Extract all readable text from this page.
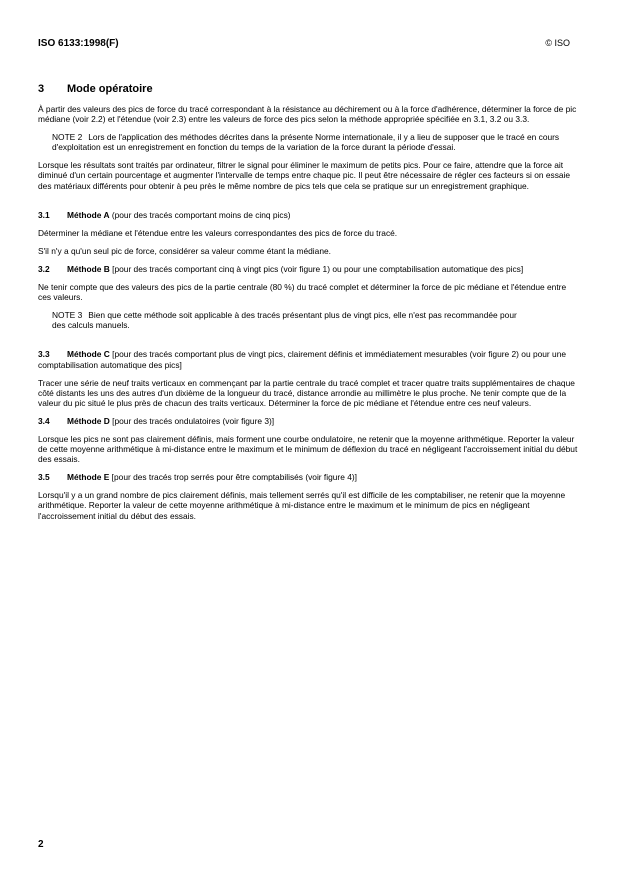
ISO 6133:1998(F)	© ISO
3 Mode opératoire

À partir des valeurs des pics de force du tracé correspondant à la résistance au déchirement ou à la force d'adhérence, déterminer la force de pic médiane (voir 2.2) et l'étendue (voir 2.3) entre les valeurs de force des pics selon la méthode appropriée spécifiée en 3.1, 3.2 ou 3.3.

NOTE 2 Lors de l'application des méthodes décrites dans la présente Norme internationale, il y a lieu de supposer que le tracé en cours d'exploitation est un enregistrement en fonction du temps de la variation de la force durant la période d'essai.

Lorsque les résultats sont traités par ordinateur, filtrer le signal pour éliminer le maximum de petits pics. Pour ce faire, attendre que la force ait diminué d'un certain pourcentage et augmenter l'intervalle de temps entre chaque pic. Il peut être nécessaire de régler ces facteurs si on essaie des matériaux différents pour obtenir à peu près le même nombre de pics tels que cela se pratique sur un enregistrement graphique.

3.1 Méthode A (pour des tracés comportant moins de cinq pics)

Déterminer la médiane et l'étendue entre les valeurs correspondantes des pics de force du tracé.

S'il n'y a qu'un seul pic de force, considérer sa valeur comme étant la médiane.

3.2 Méthode B [pour des tracés comportant cinq à vingt pics (voir figure 1) ou pour une comptabilisation automatique des pics]

Ne tenir compte que des valeurs des pics de la partie centrale (80 %) du tracé complet et déterminer la force de pic médiane et l'étendue entre ces valeurs.

NOTE 3 Bien que cette méthode soit applicable à des tracés présentant plus de vingt pics, elle n'est pas recommandée pour
des calculs manuels.

3.3 Méthode C [pour des tracés comportant plus de vingt pics, clairement définis et immédiatement mesurables (voir figure 2) ou pour une comptabilisation automatique des pics]

Tracer une série de neuf traits verticaux en commençant par la partie centrale du tracé complet et tracer quatre traits supplémentaires de chaque côté distants les uns des autres d'un dixième de la longueur du tracé, distance arrondie au millimètre le plus proche. Ne tenir compte que de la valeur du pic situé le plus près de chacun des traits verticaux. Déterminer la force de pic médiane et l'étendue entre ces neuf valeurs.

3.4 Méthode D [pour des tracés ondulatoires (voir figure 3)]

Lorsque les pics ne sont pas clairement définis, mais forment une courbe ondulatoire, ne retenir que la moyenne arithmétique. Reporter la valeur de cette moyenne arithmétique à mi-distance entre le maximum et le minimum de déflexion du tracé en négligeant l'accroissement initial du début des essais.

3.5 Méthode E [pour des tracés trop serrés pour être comptabilisés (voir figure 4)]

Lorsqu'il y a un grand nombre de pics clairement définis, mais tellement serrés qu'il est difficile de les comptabiliser, ne retenir que la moyenne arithmétique. Reporter la valeur de cette moyenne arithmétique à mi-distance entre le maximum et le minimum de pics en négligeant l'accroissement initial du début des essais.

2
